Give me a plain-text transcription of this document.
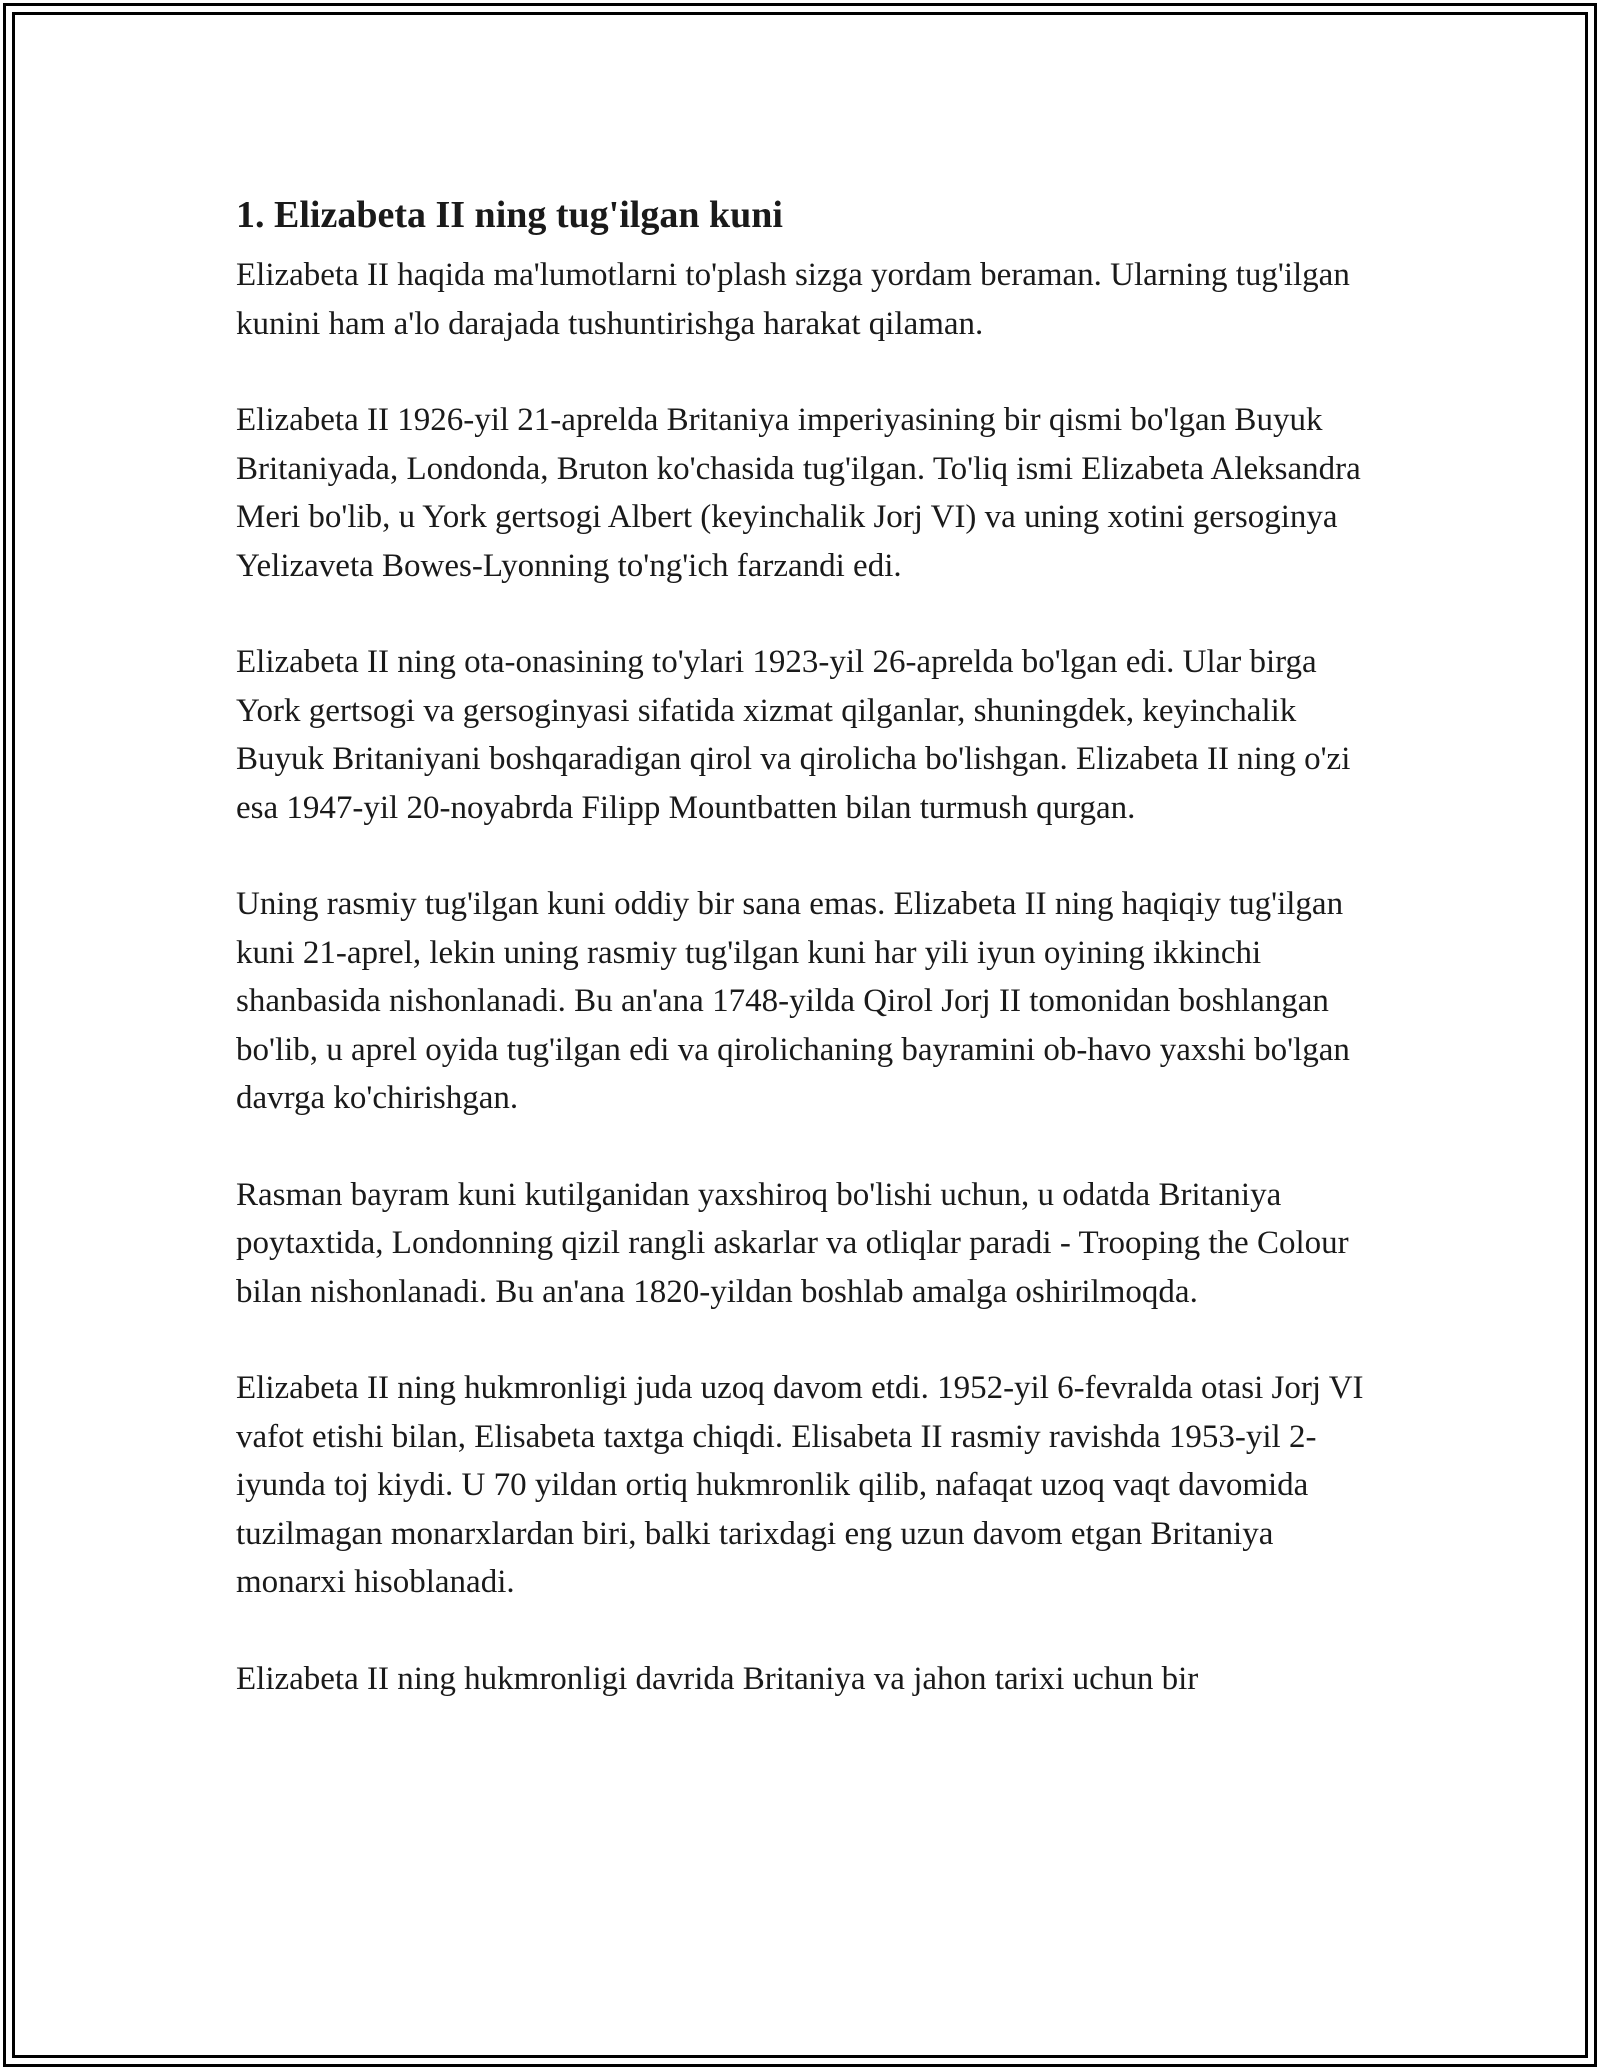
1. Elizabeta II ning tug'ilgan kuni

Elizabeta II haqida ma'lumotlarni to'plash sizga yordam beraman. Ularning tug'ilgan kunini ham a'lo darajada tushuntirishga harakat qilaman.

Elizabeta II 1926-yil 21-aprelda Britaniya imperiyasining bir qismi bo'lgan Buyuk Britaniyada, Londonda, Bruton ko'chasida tug'ilgan. To'liq ismi Elizabeta Aleksandra Meri bo'lib, u York gertsogi Albert (keyinchalik Jorj VI) va uning xotini gersoginya Yelizaveta Bowes-Lyonning to'ng'ich farzandi edi.

Elizabeta II ning ota-onasining to'ylari 1923-yil 26-aprelda bo'lgan edi. Ular birga York gertsogi va gersoginyasi sifatida xizmat qilganlar, shuningdek, keyinchalik Buyuk Britaniyani boshqaradigan qirol va qirolicha bo'lishgan. Elizabeta II ning o'zi esa 1947-yil 20-noyabrda Filipp Mountbatten bilan turmush qurgan.

Uning rasmiy tug'ilgan kuni oddiy bir sana emas. Elizabeta II ning haqiqiy tug'ilgan kuni 21-aprel, lekin uning rasmiy tug'ilgan kuni har yili iyun oyining ikkinchi shanbasida nishonlanadi. Bu an'ana 1748-yilda Qirol Jorj II tomonidan boshlangan bo'lib, u aprel oyida tug'ilgan edi va qirolichaning bayramini ob-havo yaxshi bo'lgan davrga ko'chirishgan.

Rasman bayram kuni kutilganidan yaxshiroq bo'lishi uchun, u odatda Britaniya poytaxtida, Londonning qizil rangli askarlar va otliqlar paradi - Trooping the Colour bilan nishonlanadi. Bu an'ana 1820-yildan boshlab amalga oshirilmoqda.

Elizabeta II ning hukmronligi juda uzoq davom etdi. 1952-yil 6-fevralda otasi Jorj VI vafot etishi bilan, Elisabeta taxtga chiqdi. Elisabeta II rasmiy ravishda 1953-yil 2-iyunda toj kiydi. U 70 yildan ortiq hukmronlik qilib, nafaqat uzoq vaqt davomida tuzilmagan monarxlardan biri, balki tarixdagi eng uzun davom etgan Britaniya monarxi hisoblanadi.

Elizabeta II ning hukmronligi davrida Britaniya va jahon tarixi uchun bir
